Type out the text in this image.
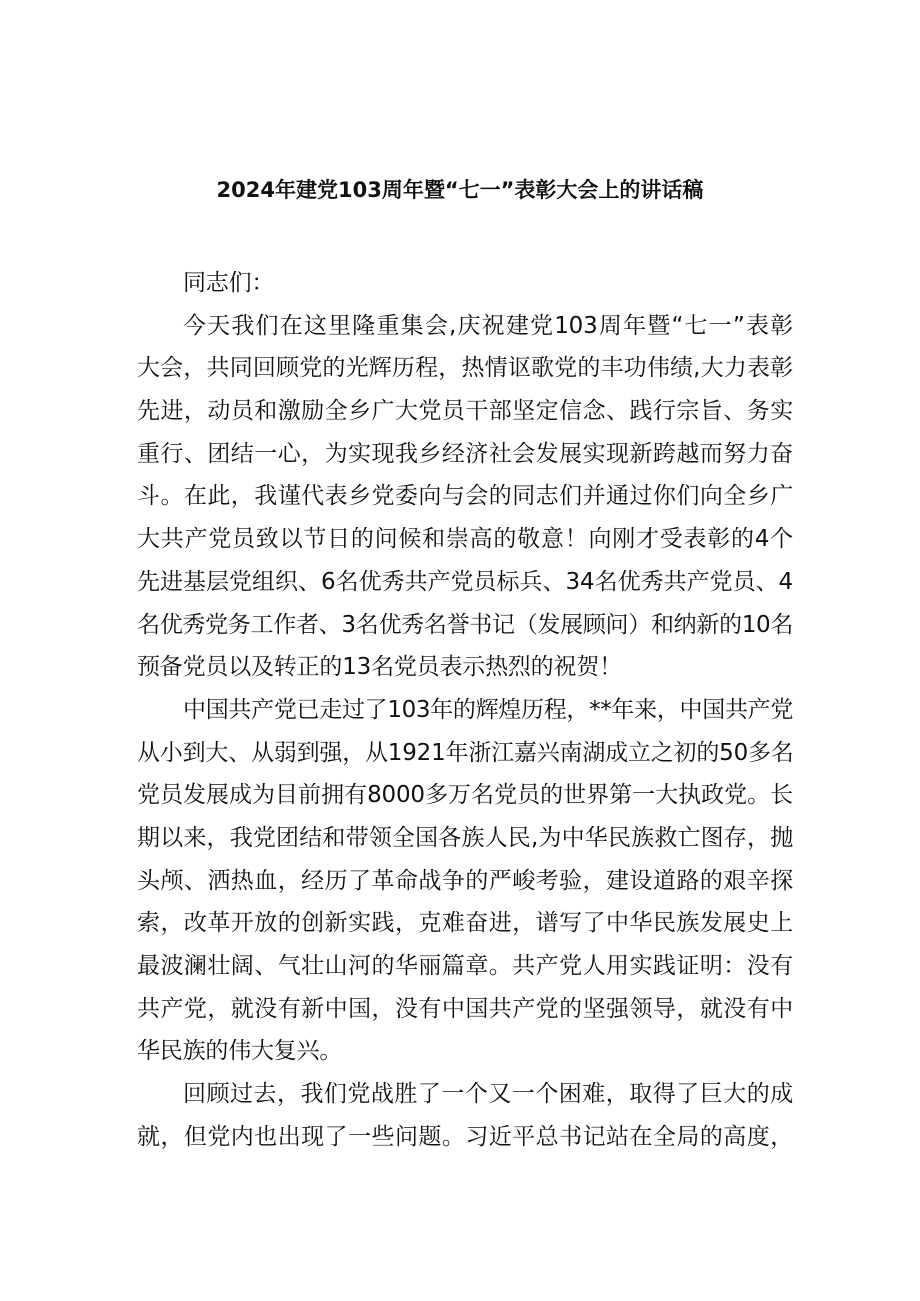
2024年建党103周年暨“七一”表彰大会上的讲话稿
同志们：
今天我们在这里隆重集会,庆祝建党103周年暨“七一”表彰
大会，共同回顾党的光辉历程，热情讴歌党的丰功伟绩,大力表彰
先进，动员和激励全乡广大党员干部坚定信念、践行宗旨、务实
重行、团结一心，为实现我乡经济社会发展实现新跨越而努力奋
斗。在此，我谨代表乡党委向与会的同志们并通过你们向全乡广
大共产党员致以节日的问候和崇高的敬意！向刚才受表彰的4个
先进基层党组织、6名优秀共产党员标兵、34名优秀共产党员、4
名优秀党务工作者、3名优秀名誉书记（发展顾问）和纳新的10名
预备党员以及转正的13名党员表示热烈的祝贺！
中国共产党已走过了103年的辉煌历程，**年来，中国共产党
从小到大、从弱到强，从1921年浙江嘉兴南湖成立之初的50多名
党员发展成为目前拥有8000多万名党员的世界第一大执政党。长
期以来，我党团结和带领全国各族人民,为中华民族救亡图存，抛
头颅、洒热血，经历了革命战争的严峻考验，建设道路的艰辛探
索，改革开放的创新实践，克难奋进，谱写了中华民族发展史上
最波澜壮阔、气壮山河的华丽篇章。共产党人用实践证明：没有
共产党，就没有新中国，没有中国共产党的坚强领导，就没有中
华民族的伟大复兴。
回顾过去，我们党战胜了一个又一个困难，取得了巨大的成
就，但党内也出现了一些问题。习近平总书记站在全局的高度，
